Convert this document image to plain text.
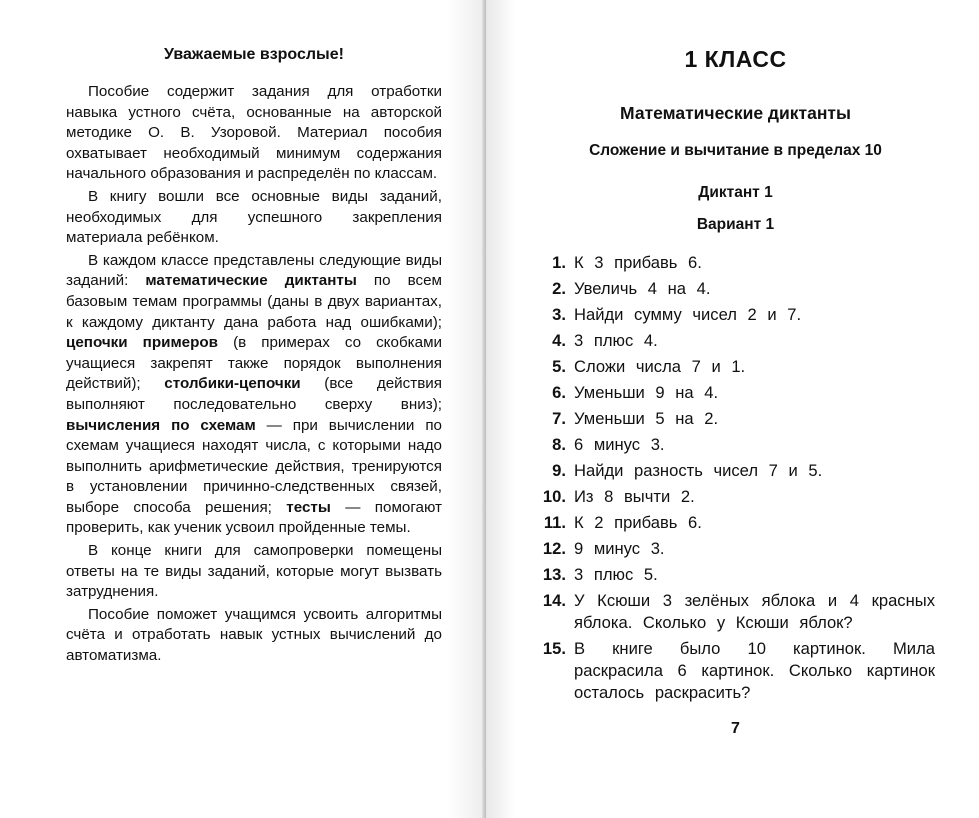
Уважаемые взрослые!

Пособие содержит задания для отработки навыка устного счёта, основанные на авторской методике О. В. Узоровой. Материал пособия охватывает необходимый минимум содержания начального образования и распределён по классам.

В книгу вошли все основные виды заданий, необходимых для успешного закрепления материала ребёнком.

В каждом классе представлены следующие виды заданий: математические диктанты по всем базовым темам программы (даны в двух вариантах, к каждому диктанту дана работа над ошибками); цепочки примеров (в примерах со скобками учащиеся закрепят также порядок выполнения действий); столбики-цепочки (все действия выполняют последовательно сверху вниз); вычисления по схемам — при вычислении по схемам учащиеся находят числа, с которыми надо выполнить арифметические действия, тренируются в установлении причинно-следственных связей, выборе способа решения; тесты — помогают проверить, как ученик усвоил пройденные темы.

В конце книги для самопроверки помещены ответы на те виды заданий, которые могут вызвать затруднения.

Пособие поможет учащимся усвоить алгоритмы счёта и отработать навык устных вычислений до автоматизма.

1 КЛАСС
Математические диктанты
Сложение и вычитание в пределах 10
Диктант 1
Вариант 1
1. К 3 прибавь 6.
2. Увеличь 4 на 4.
3. Найди сумму чисел 2 и 7.
4. 3 плюс 4.
5. Сложи числа 7 и 1.
6. Уменьши 9 на 4.
7. Уменьши 5 на 2.
8. 6 минус 3.
9. Найди разность чисел 7 и 5.
10. Из 8 вычти 2.
11. К 2 прибавь 6.
12. 9 минус 3.
13. 3 плюс 5.
14. У Ксюши 3 зелёных яблока и 4 красных яблока. Сколько у Ксюши яблок?
15. В книге было 10 картинок. Мила раскрасила 6 картинок. Сколько картинок осталось раскрасить?
7
